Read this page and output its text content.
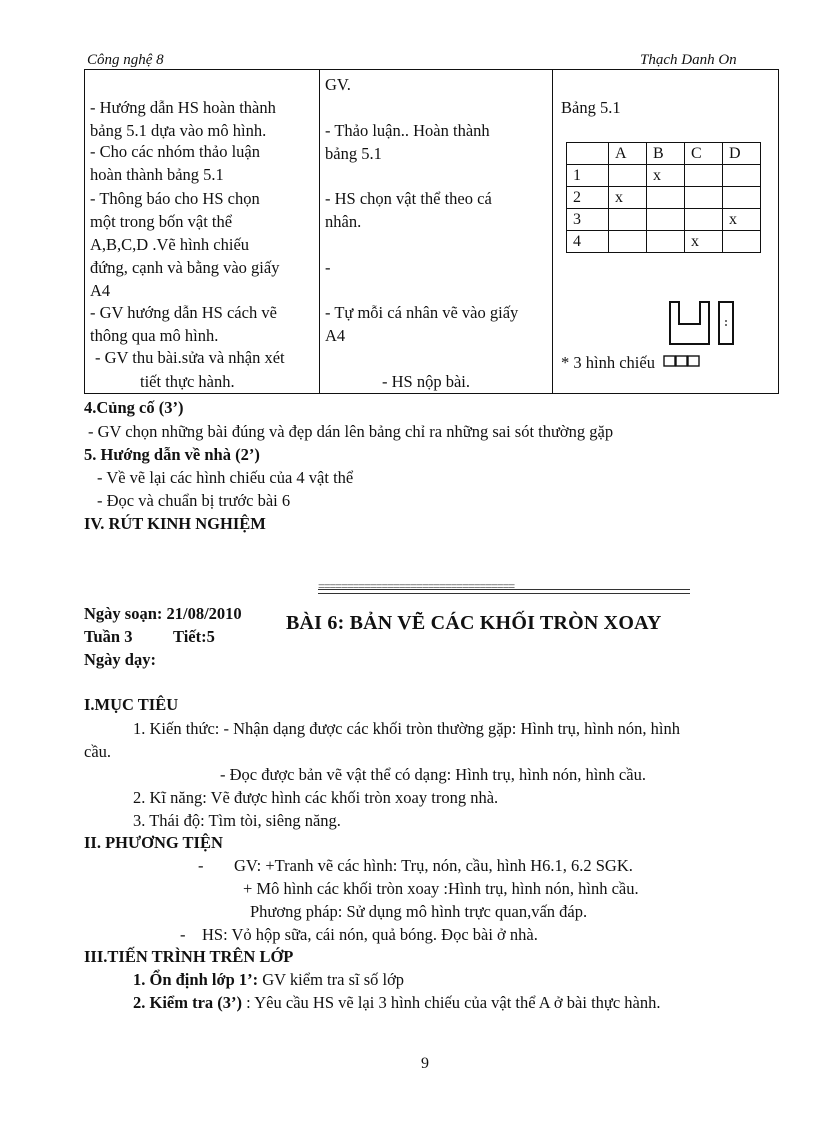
Công nghệ 8	Thạch Danh On
- Hướng dẫn HS hoàn thành
bảng 5.1 dựa vào mô hình.
- Cho các nhóm thảo luận
hoàn thành bảng 5.1
- Thông báo cho HS chọn
một trong bốn vật thể
A,B,C,D .Vẽ hình chiếu
đứng, cạnh và bằng vào giấy
A4
- GV hướng dẫn HS cách vẽ
thông qua mô hình.
- GV thu bài.sửa và nhận xét
tiết thực hành.

GV.
- Thảo luận.. Hoàn thành
bảng 5.1
- HS chọn vật thể theo cá
nhân.
-
- Tự mỗi cá nhân vẽ vào giấy
A4
- HS nộp bài.

Bảng 5.1
* 3 hình chiếu
	A	B	C	D
1		x		
2	x			
3				x
4			x	
4.Củng cố (3’)
- GV chọn những bài đúng và đẹp dán lên bảng chỉ ra những sai sót thường gặp
5. Hướng dẫn về nhà (2’)
- Về vẽ lại các hình chiếu của 4 vật thể
- Đọc và chuẩn bị trước bài 6
IV. RÚT KINH NGHIỆM
==================================
Ngày soạn: 21/08/2010
Tuần 3 Tiết:5
Ngày dạy:
BÀI 6: BẢN VẼ CÁC KHỐI TRÒN XOAY
I.MỤC TIÊU
1. Kiến thức: - Nhận dạng được các khối tròn thường gặp: Hình trụ, hình nón, hình
cầu.
- Đọc được bản vẽ vật thể có dạng: Hình trụ, hình nón, hình cầu.
2. Kĩ năng: Vẽ được hình các khối tròn xoay trong nhà.
3. Thái độ: Tìm tòi, siêng năng.
II. PHƯƠNG TIỆN
- GV: +Tranh vẽ các hình: Trụ, nón, cầu, hình H6.1, 6.2 SGK.
+ Mô hình các khối tròn xoay :Hình trụ, hình nón, hình cầu.
Phương pháp: Sử dụng mô hình trực quan,vấn đáp.
- HS: Vỏ hộp sữa, cái nón, quả bóng. Đọc bài ở nhà.
III.TIẾN TRÌNH TRÊN LỚP
1. Ổn định lớp 1’: GV kiểm tra sĩ số lớp
2. Kiểm tra (3’) : Yêu cầu HS vẽ lại 3 hình chiếu của vật thể A ở bài thực hành.
9
